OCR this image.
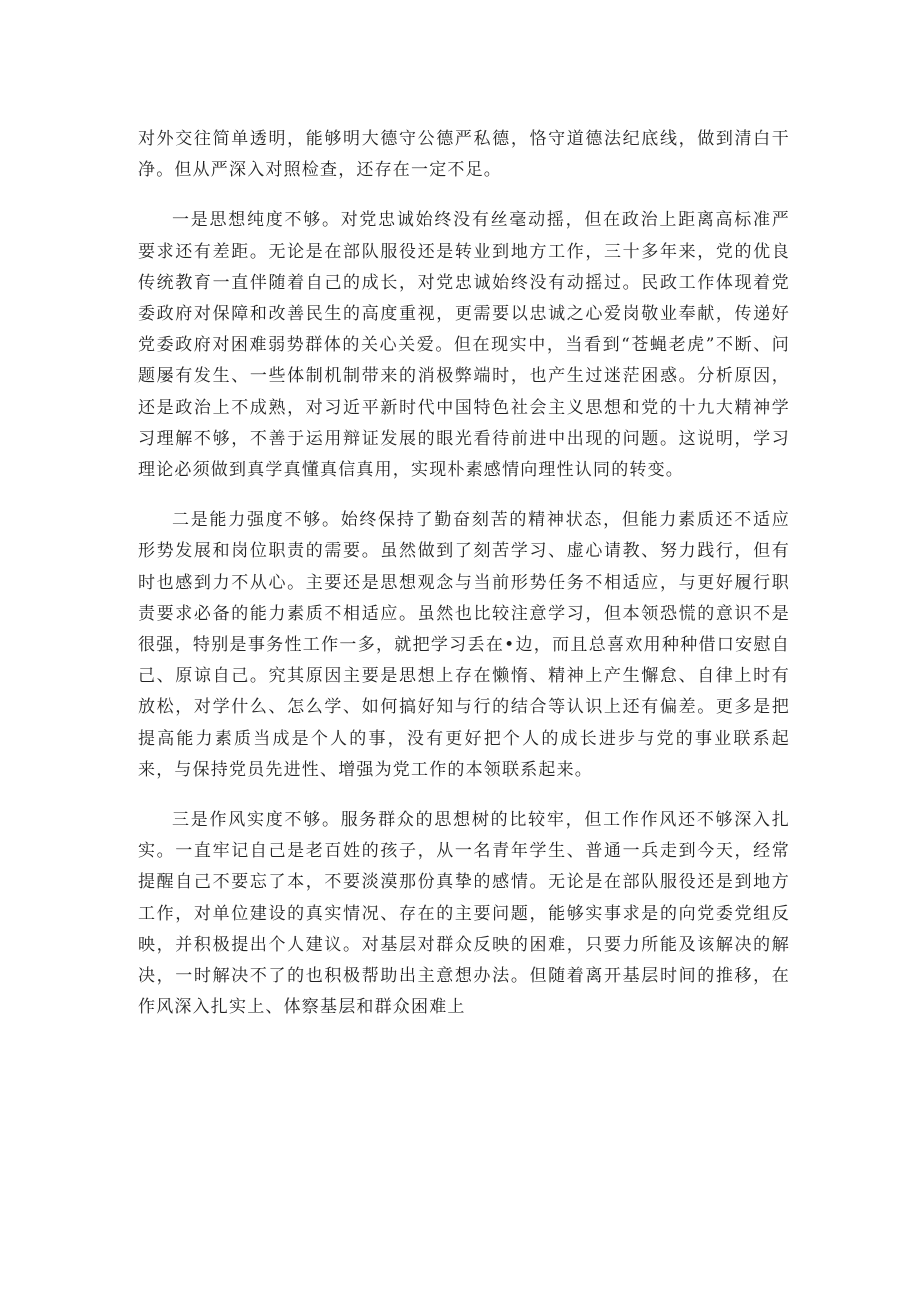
对外交往简单透明，能够明大德守公德严私德，恪守道德法纪底线，做到清白干净。但从严深入对照检查，还存在一定不足。

一是思想纯度不够。对党忠诚始终没有丝毫动摇，但在政治上距离高标准严要求还有差距。无论是在部队服役还是转业到地方工作，三十多年来，党的优良传统教育一直伴随着自己的成长，对党忠诚始终没有动摇过。民政工作体现着党委政府对保障和改善民生的高度重视，更需要以忠诚之心爱岗敬业奉献，传递好党委政府对困难弱势群体的关心关爱。但在现实中，当看到“苍蝇老虎”不断、问题屡有发生、一些体制机制带来的消极弊端时，也产生过迷茫困惑。分析原因，还是政治上不成熟，对习近平新时代中国特色社会主义思想和党的十九大精神学习理解不够，不善于运用辩证发展的眼光看待前进中出现的问题。这说明，学习理论必须做到真学真懂真信真用，实现朴素感情向理性认同的转变。

二是能力强度不够。始终保持了勤奋刻苦的精神状态，但能力素质还不适应形势发展和岗位职责的需要。虽然做到了刻苦学习、虚心请教、努力践行，但有时也感到力不从心。主要还是思想观念与当前形势任务不相适应，与更好履行职责要求必备的能力素质不相适应。虽然也比较注意学习，但本领恐慌的意识不是很强，特别是事务性工作一多，就把学习丢在•边，而且总喜欢用种种借口安慰自己、原谅自己。究其原因主要是思想上存在懒惰、精神上产生懈怠、自律上时有放松，对学什么、怎么学、如何搞好知与行的结合等认识上还有偏差。更多是把提高能力素质当成是个人的事，没有更好把个人的成长进步与党的事业联系起来，与保持党员先进性、增强为党工作的本领联系起来。

三是作风实度不够。服务群众的思想树的比较牢，但工作作风还不够深入扎实。一直牢记自己是老百姓的孩子，从一名青年学生、普通一兵走到今天，经常提醒自己不要忘了本，不要淡漠那份真挚的感情。无论是在部队服役还是到地方工作，对单位建设的真实情况、存在的主要问题，能够实事求是的向党委党组反映，并积极提出个人建议。对基层对群众反映的困难，只要力所能及该解决的解决，一时解决不了的也积极帮助出主意想办法。但随着离开基层时间的推移，在作风深入扎实上、体察基层和群众困难上
